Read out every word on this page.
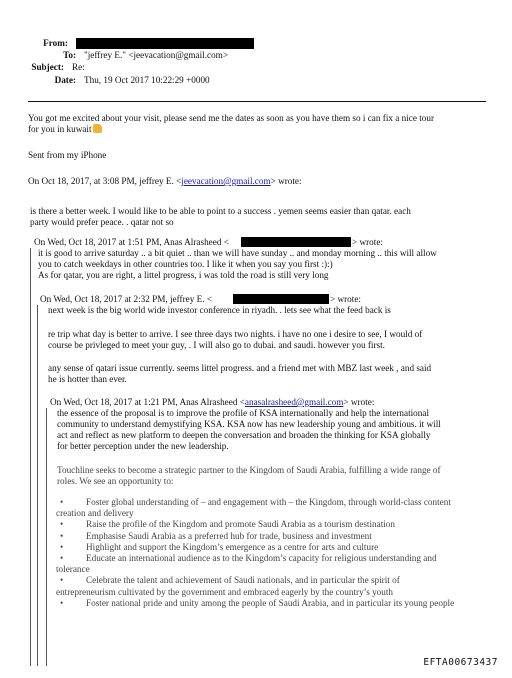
From:
To: "jeffrey E." <jeevacation@gmail.com>
Subject: Re:
Date: Thu, 19 Oct 2017 10:22:29 +0000
You got me excited about your visit, please send me the dates as soon as you have them so i can fix a nice tour
for you in kuwait
Sent from my iPhone
On Oct 18, 2017, at 3:08 PM, jeffrey E. <jeevacation@gmail.com> wrote:
is there a better week. I would like to be able to point to a success . yemen seems easier than qatar. each
party would prefer peace. . qatar not so
On Wed, Oct 18, 2017 at 1:51 PM, Anas Alrasheed <	> wrote:
it is good to arrive saturday .. a bit quiet .. than we will have sunday .. and monday morning .. this will allow
you to catch weekdays in other countries too. I like it when you say you first :):)
As for qatar, you are right, a littel progress, i was told the road is still very long
On Wed, Oct 18, 2017 at 2:32 PM, jeffrey E. <	> wrote:
next week is the big world wide investor conference in riyadh. . lets see what the feed back is
re trip what day is better to arrive. I see three days two nights. i have no one i desire to see, I would of
course be privleged to meet your guy, . I will also go to dubai. and saudi. however you first.
any sense of qatari issue currently. seems littel progress. and a friend met with MBZ last week , and said
he is hotter than ever.
On Wed, Oct 18, 2017 at 1:21 PM, Anas Alrasheed <anasalrasheed@gmail.com> wrote:
the essence of the proposal is to improve the profile of KSA internationally and help the international
community to understand demystifying KSA. KSA now has new leadership young and ambitious. it will
act and reflect as new platform to deepen the conversation and broaden the thinking for KSA globally
for better perception under the new leadership.
Touchline seeks to become a strategic partner to the Kingdom of Saudi Arabia, fulfilling a wide range of
roles. We see an opportunity to:
• Foster global understanding of – and engagement with – the Kingdom, through world-class content
creation and delivery
• Raise the profile of the Kingdom and promote Saudi Arabia as a tourism destination
• Emphasise Saudi Arabia as a preferred hub for trade, business and investment
• Highlight and support the Kingdom’s emergence as a centre for arts and culture
• Educate an international audience as to the Kingdom’s capacity for religious understanding and
tolerance
• Celebrate the talent and achievement of Saudi nationals, and in particular the spirit of
entrepreneurism cultivated by the government and embraced eagerly by the country’s youth
• Foster national pride and unity among the people of Saudi Arabia, and in particular its young people
EFTA00673437
